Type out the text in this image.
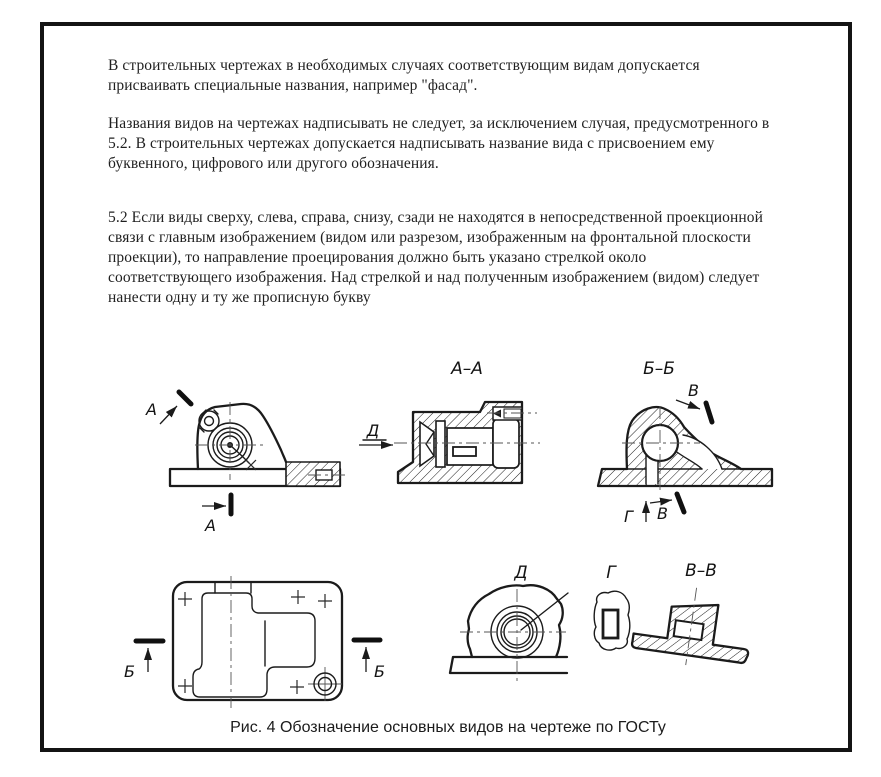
В строительных чертежах в необходимых случаях соответствующим видам допускается
присваивать специальные названия, например "фасад".
Названия видов на чертежах надписывать не следует, за исключением случая, предусмотренного в
5.2. В строительных чертежах допускается надписывать название вида с присвоением ему
буквенного, цифрового или другого обозначения.
5.2 Если виды сверху, слева, справа, снизу, сзади не находятся в непосредственной проекционной
связи с главным изображением (видом или разрезом, изображенным на фронтальной плоскости
проекции), то направление проецирования должно быть указано стрелкой около
соответствующего изображения. Над стрелкой и над полученным изображением (видом) следует
нанести одну и ту же прописную букву
А
А
А–А
Д
Б–Б
В
Г В
Б	Б
Д	Г	В–В
Рис. 4 Обозначение основных видов на чертеже по ГОСТу
